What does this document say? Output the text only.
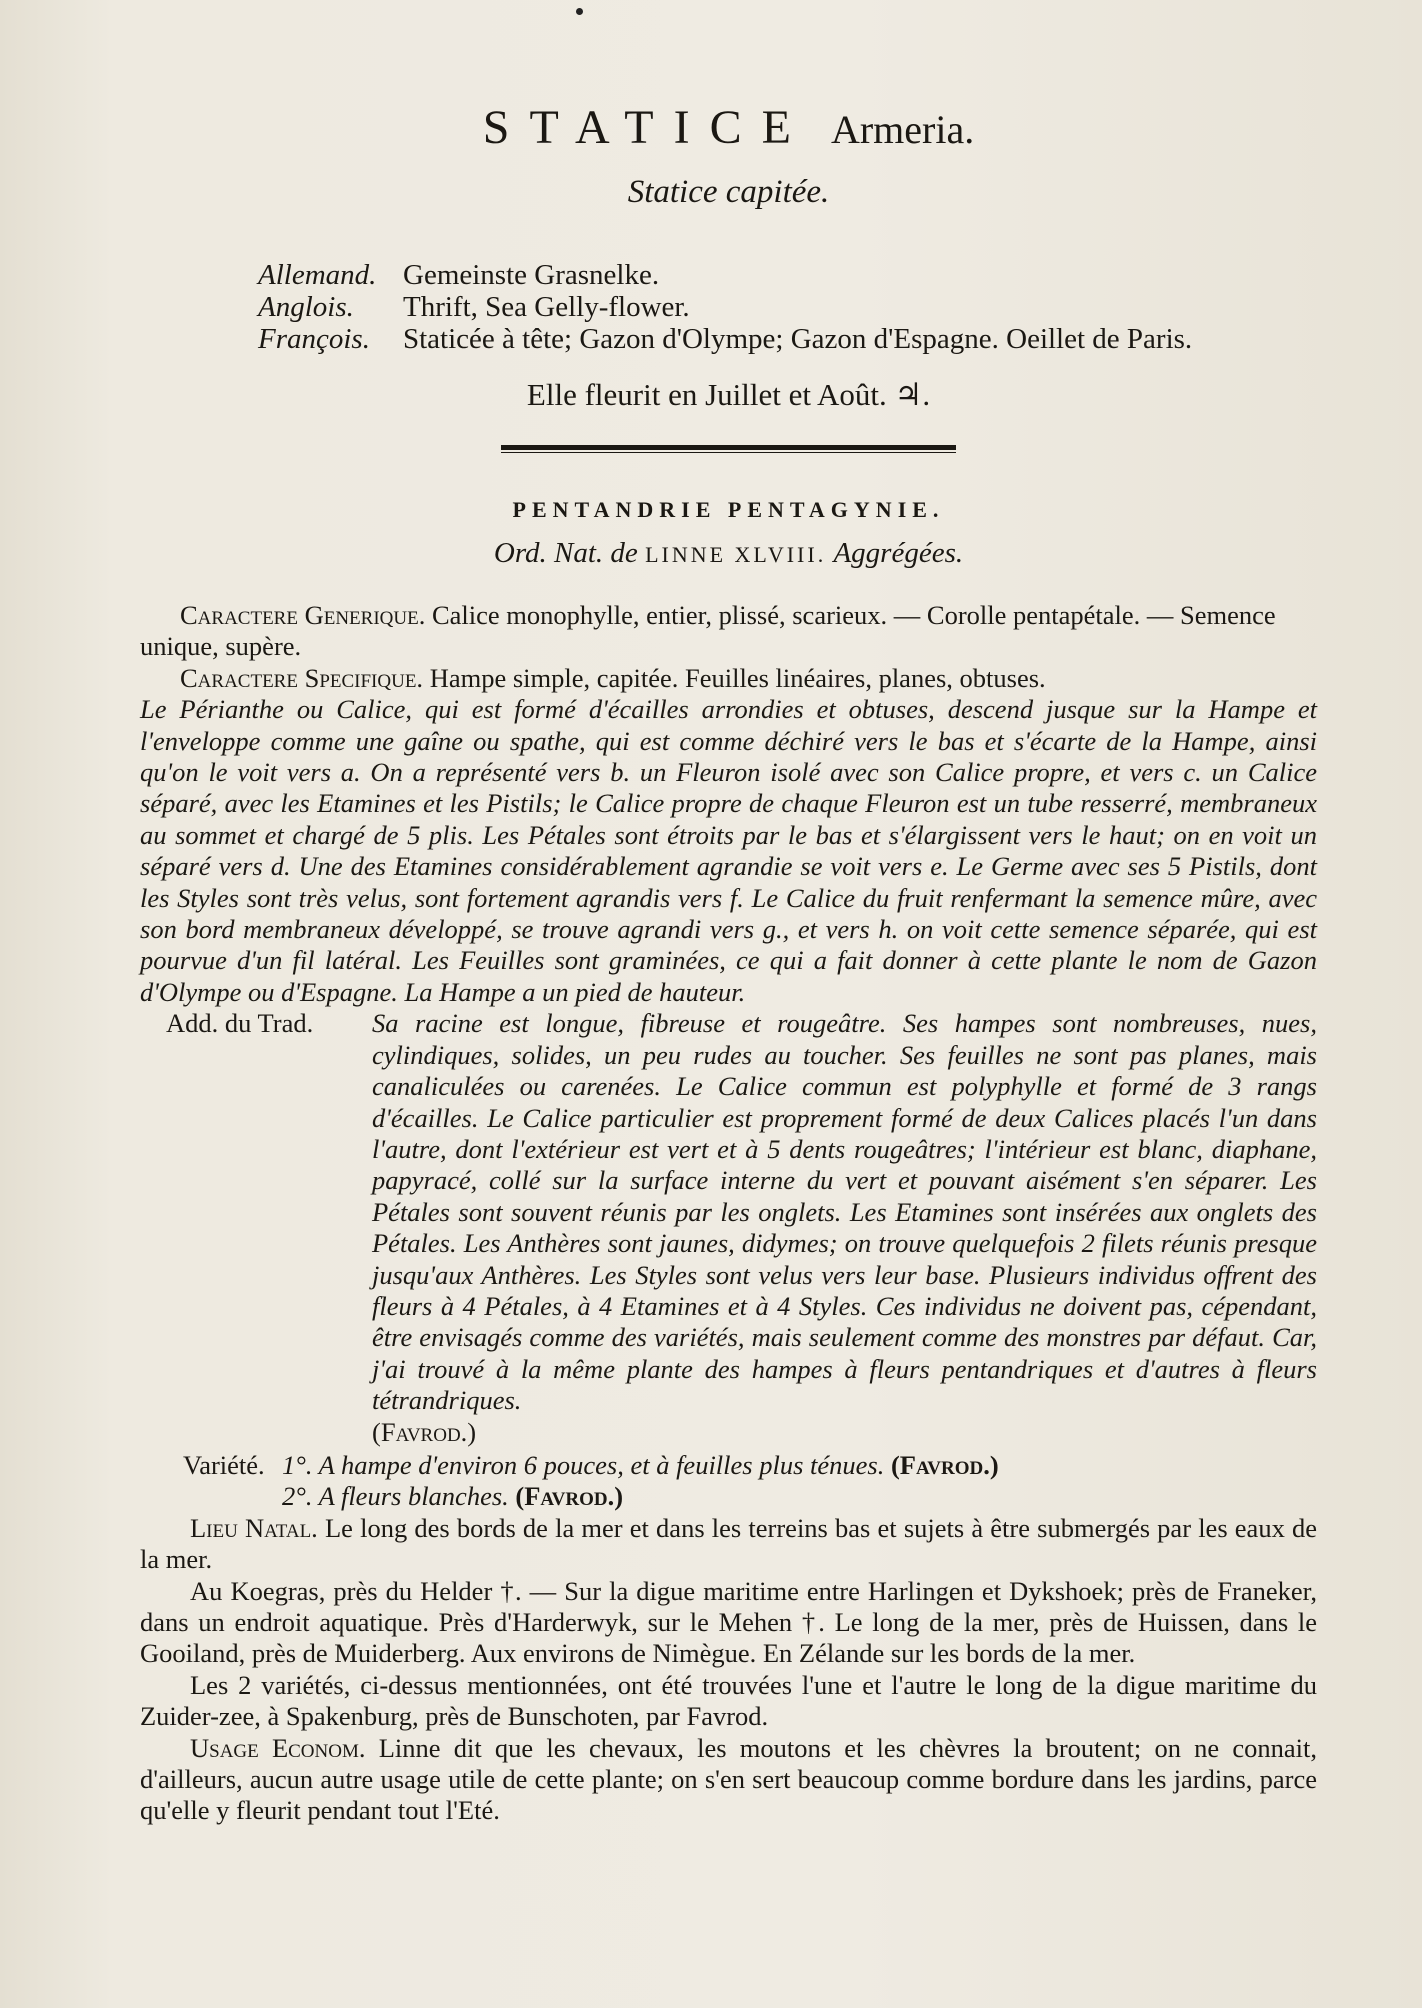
STATICE Armeria.
Statice capitée.
Allemand. Gemeinste Grasnelke.
Anglois. Thrift, Sea Gelly-flower.
François. Staticée à tête; Gazon d'Olympe; Gazon d'Espagne. Oeillet de Paris.
Elle fleurit en Juillet et Août. ♃.
PENTANDRIE PENTAGYNIE.
Ord. Nat. de LINNE XLVIII. Aggrégées.

Caractere Generique. Calice monophylle, entier, plissé, scarieux. — Corolle pentapétale. — Semence unique, supère.

Caractere Specifique. Hampe simple, capitée. Feuilles linéaires, planes, obtuses.

Le Périanthe ou Calice, qui est formé d'écailles arrondies et obtuses, descend jusque sur la Hampe et l'enveloppe comme une gaîne ou spathe, qui est comme déchiré vers le bas et s'écarte de la Hampe, ainsi qu'on le voit vers a. On a représenté vers b. un Fleuron isolé avec son Calice propre, et vers c. un Calice séparé, avec les Etamines et les Pistils; le Calice propre de chaque Fleuron est un tube resserré, membraneux au sommet et chargé de 5 plis. Les Pétales sont étroits par le bas et s'élargissent vers le haut; on en voit un séparé vers d. Une des Etamines considérablement agrandie se voit vers e. Le Germe avec ses 5 Pistils, dont les Styles sont très velus, sont fortement agrandis vers f. Le Calice du fruit renfermant la semence mûre, avec son bord membraneux développé, se trouve agrandi vers g., et vers h. on voit cette semence séparée, qui est pourvue d'un fil latéral. Les Feuilles sont graminées, ce qui a fait donner à cette plante le nom de Gazon d'Olympe ou d'Espagne. La Hampe a un pied de hauteur.

Add. du Trad.	Sa racine est longue, fibreuse et rougeâtre. Ses hampes sont nombreuses, nues, cylindiques, solides, un peu rudes au toucher. Ses feuilles ne sont pas planes, mais canaliculées ou carenées. Le Calice commun est polyphylle et formé de 3 rangs d'écailles. Le Calice particulier est proprement formé de deux Calices placés l'un dans l'autre, dont l'extérieur est vert et à 5 dents rougeâtres; l'intérieur est blanc, diaphane, papyracé, collé sur la surface interne du vert et pouvant aisément s'en séparer. Les Pétales sont souvent réunis par les onglets. Les Etamines sont insérées aux onglets des Pétales. Les Anthères sont jaunes, didymes; on trouve quelquefois 2 filets réunis presque jusqu'aux Anthères. Les Styles sont velus vers leur base. Plusieurs individus offrent des fleurs à 4 Pétales, à 4 Etamines et à 4 Styles. Ces individus ne doivent pas, cépendant, être envisagés comme des variétés, mais seulement comme des monstres par défaut. Car, j'ai trouvé à la même plante des hampes à fleurs pentandriques et d'autres à fleurs tétrandriques.
(Favrod.)
Variété. 1°. A hampe d'environ 6 pouces, et à feuilles plus ténues. (Favrod.)
2°. A fleurs blanches. (Favrod.)

Lieu Natal. Le long des bords de la mer et dans les terreins bas et sujets à être submergés par les eaux de la mer.

Au Koegras, près du Helder †. — Sur la digue maritime entre Harlingen et Dykshoek; près de Franeker, dans un endroit aquatique. Près d'Harderwyk, sur le Mehen †. Le long de la mer, près de Huissen, dans le Gooiland, près de Muiderberg. Aux environs de Nimègue. En Zélande sur les bords de la mer.

Les 2 variétés, ci-dessus mentionnées, ont été trouvées l'une et l'autre le long de la digue maritime du Zuider-zee, à Spakenburg, près de Bunschoten, par Favrod.

Usage Econom. Linne dit que les chevaux, les moutons et les chèvres la broutent; on ne connait, d'ailleurs, aucun autre usage utile de cette plante; on s'en sert beaucoup comme bordure dans les jardins, parce qu'elle y fleurit pendant tout l'Eté.
